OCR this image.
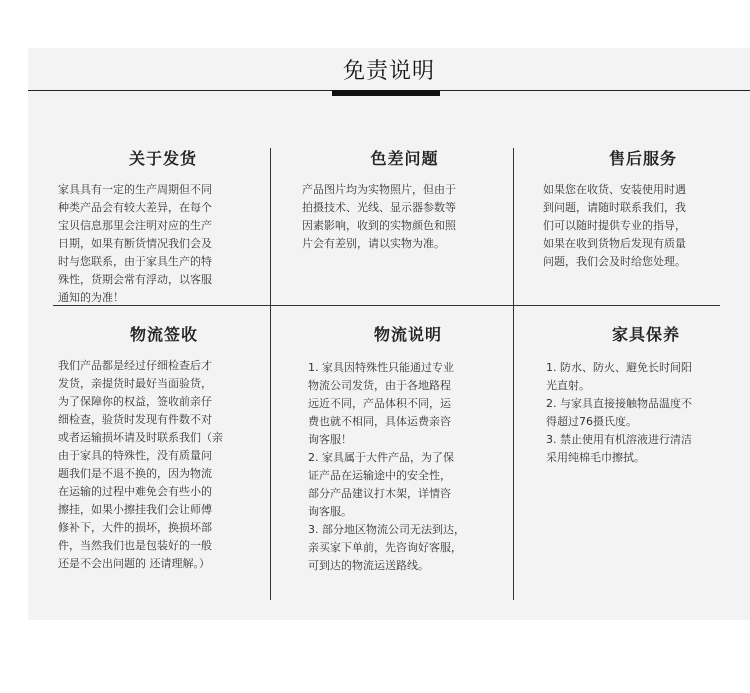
免责说明
关于发货

家具具有一定的生产周期但不同
种类产品会有较大差异，在每个
宝贝信息那里会注明对应的生产
日期，如果有断货情况我们会及
时与您联系，由于家具生产的特
殊性，货期会常有浮动，以客服
通知的为准！

色差问题

产品图片均为实物照片，但由于
拍摄技术、光线、显示器参数等
因素影响，收到的实物颜色和照
片会有差别，请以实物为准。

售后服务

如果您在收货、安装使用时遇
到问题，请随时联系我们，我
们可以随时提供专业的指导，
如果在收到货物后发现有质量
问题，我们会及时给您处理。

物流签收

我们产品都是经过仔细检查后才
发货，亲提货时最好当面验货，
为了保障你的权益，签收前亲仔
细检查，验货时发现有件数不对
或者运输损坏请及时联系我们（亲
由于家具的特殊性，没有质量问
题我们是不退不换的，因为物流
在运输的过程中难免会有些小的
擦挂，如果小擦挂我们会让师傅
修补下，大件的损坏，换损坏部
件，当然我们也是包装好的一般
还是不会出问题的 还请理解。）

物流说明

1. 家具因特殊性只能通过专业
物流公司发货，由于各地路程
远近不同，产品体积不同，运
费也就不相同，具体运费亲咨
询客服！
2. 家具属于大件产品，为了保
证产品在运输途中的安全性，
部分产品建议打木架，详情咨
询客服。
3. 部分地区物流公司无法到达，
亲买家下单前，先咨询好客服，
可到达的物流运送路线。

家具保养

1. 防水、防火、避免长时间阳
光直射。
2. 与家具直接接触物品温度不
得超过76摄氏度。
3. 禁止使用有机溶液进行清洁
采用纯棉毛巾擦拭。
